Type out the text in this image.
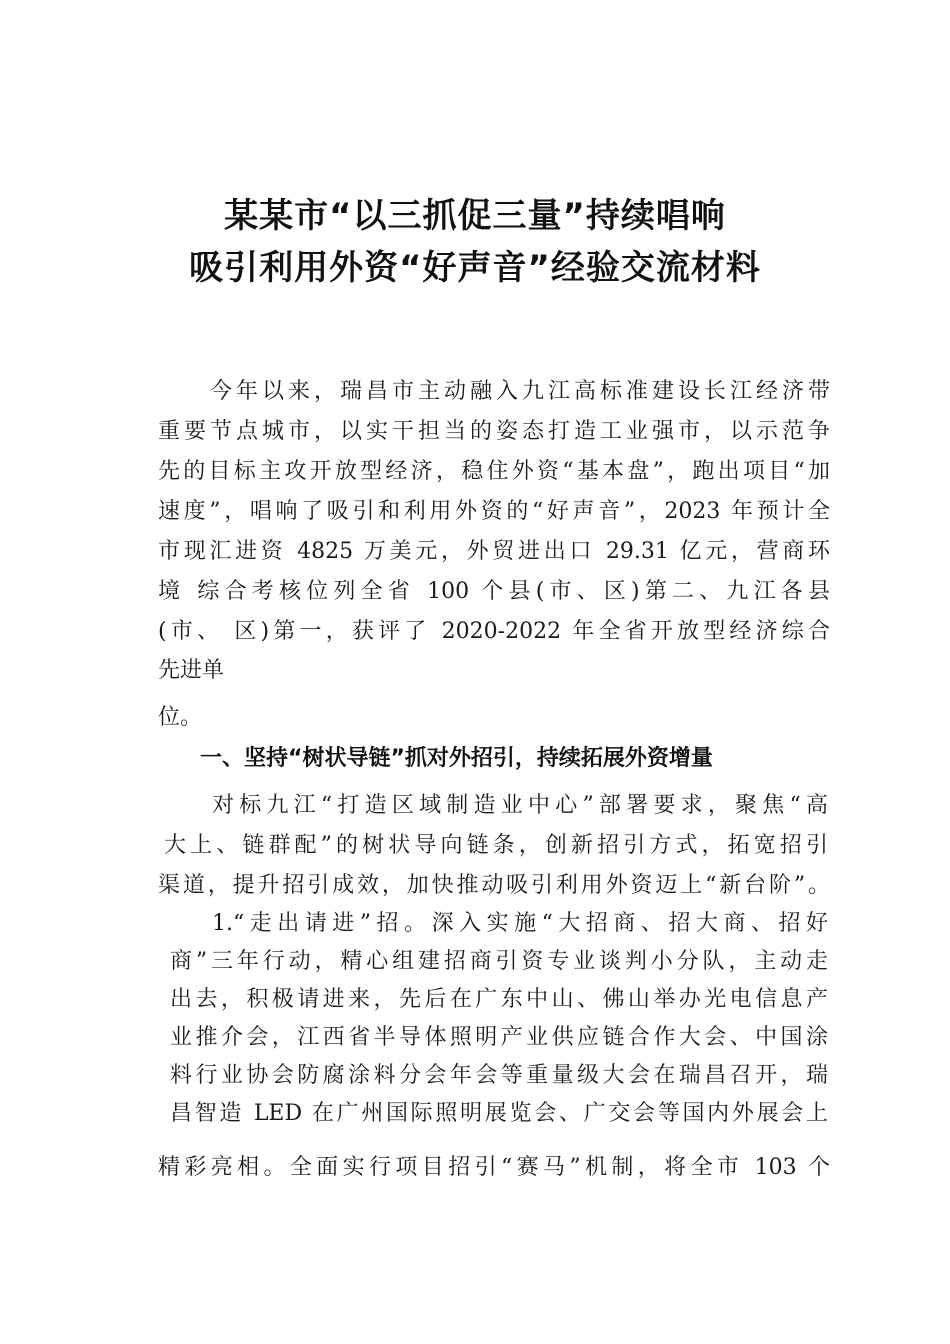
某某市“以三抓促三量”持续唱响
吸引利用外资“好声音”经验交流材料
今年以来，瑞昌市主动融入九江高标准建设长江经济带
重要节点城市，以实干担当的姿态打造工业强市，以示范争
先的目标主攻开放型经济，稳住外资“基本盘”，跑出项目“加
速度”，唱响了吸引和利用外资的“好声音”，2023 年预计全
市现汇进资 4825 万美元，外贸进出口 29.31 亿元，营商环
境 综合考核位列全省 100 个县(市、区)第二、九江各县
(市、 区)第一，获评了 2020-2022 年全省开放型经济综合
先进单
位。
一、坚持“树状导链”抓对外招引，持续拓展外资增量
对标九江“打造区域制造业中心”部署要求，聚焦“高
大上、链群配”的树状导向链条，创新招引方式，拓宽招引
渠道，提升招引成效，加快推动吸引利用外资迈上“新台阶”。
1.“走出请进”招。深入实施“大招商、招大商、招好
商”三年行动，精心组建招商引资专业谈判小分队，主动走
出去，积极请进来，先后在广东中山、佛山举办光电信息产
业推介会，江西省半导体照明产业供应链合作大会、中国涂
料行业协会防腐涂料分会年会等重量级大会在瑞昌召开，瑞
昌智造 LED 在广州国际照明展览会、广交会等国内外展会上
精彩亮相。全面实行项目招引“赛马”机制，将全市 103 个
